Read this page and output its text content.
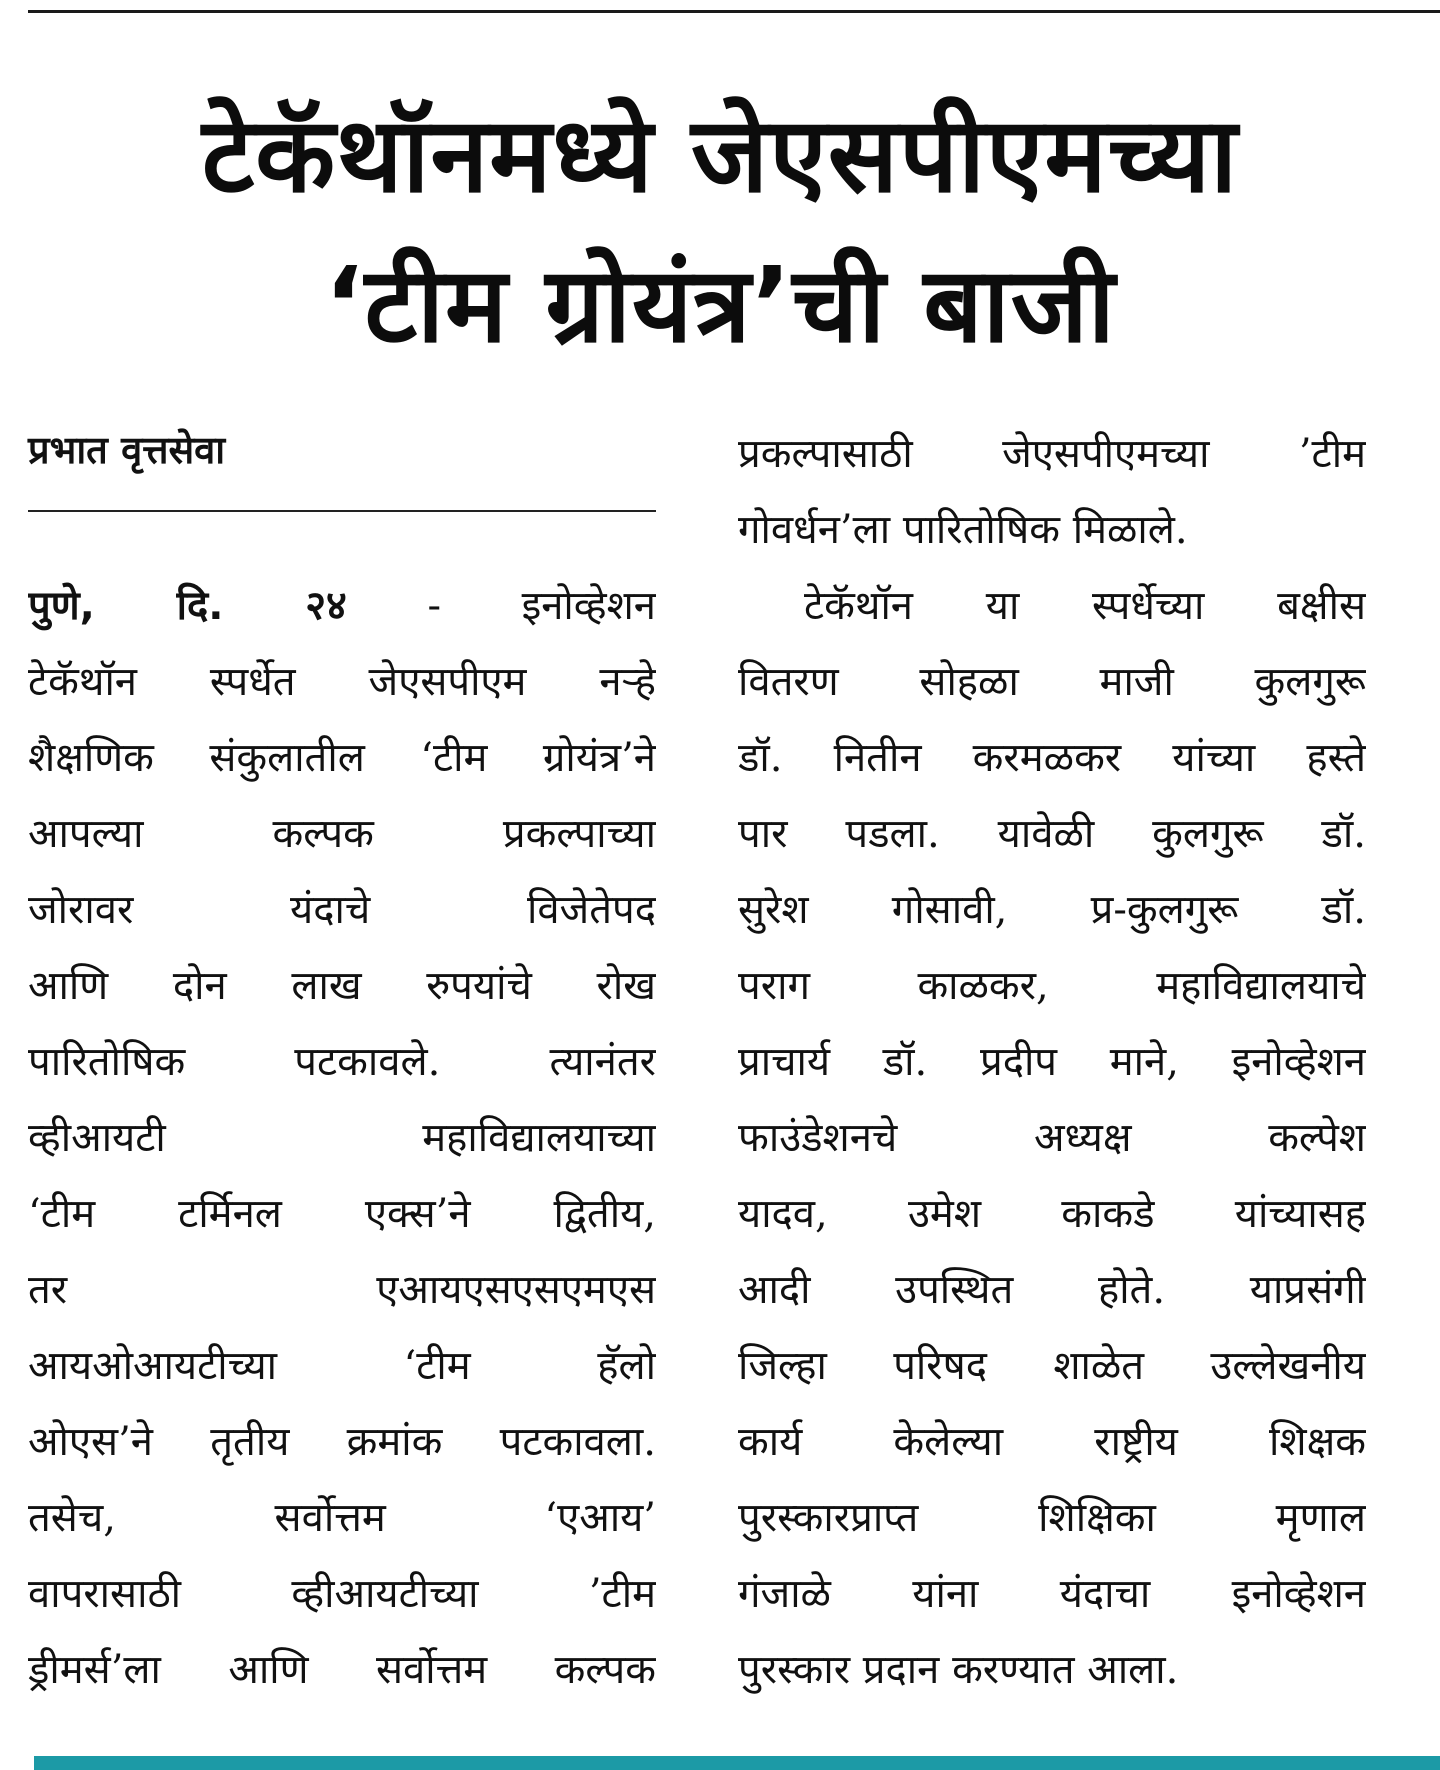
टेकॅथॉनमध्ये जेएसपीएमच्या
‘टीम ग्रोयंत्र’ची बाजी
प्रभात वृत्तसेवा
पुणे, दि. २४ - इनोव्हेशन
टेकॅथॉन स्पर्धेत जेएसपीएम नऱ्हे
शैक्षणिक संकुलातील ‘टीम ग्रोयंत्र’ने
आपल्या कल्पक प्रकल्पाच्या
जोरावर यंदाचे विजेतेपद
आणि दोन लाख रुपयांचे रोख
पारितोषिक पटकावले. त्यानंतर
व्हीआयटी महाविद्यालयाच्या
‘टीम टर्मिनल एक्स’ने द्वितीय,
तर एआयएसएसएमएस
आयओआयटीच्या ‘टीम हॅलो
ओएस’ने तृतीय क्रमांक पटकावला.
तसेच, सर्वोत्तम ‘एआय’
वापरासाठी व्हीआयटीच्या ’टीम
ड्रीमर्स’ला आणि सर्वोत्तम कल्पक
प्रकल्पासाठी जेएसपीएमच्या ’टीम
गोवर्धन’ला पारितोषिक मिळाले.
टेकॅथॉन या स्पर्धेच्या बक्षीस
वितरण सोहळा माजी कुलगुरू
डॉ. नितीन करमळकर यांच्या हस्ते
पार पडला. यावेळी कुलगुरू डॉ.
सुरेश गोसावी, प्र-कुलगुरू डॉ.
पराग काळकर, महाविद्यालयाचे
प्राचार्य डॉ. प्रदीप माने, इनोव्हेशन
फाउंडेशनचे अध्यक्ष कल्पेश
यादव, उमेश काकडे यांच्यासह
आदी उपस्थित होते. याप्रसंगी
जिल्हा परिषद शाळेत उल्लेखनीय
कार्य केलेल्या राष्ट्रीय शिक्षक
पुरस्कारप्राप्त शिक्षिका मृणाल
गंजाळे यांना यंदाचा इनोव्हेशन
पुरस्कार प्रदान करण्यात आला.
